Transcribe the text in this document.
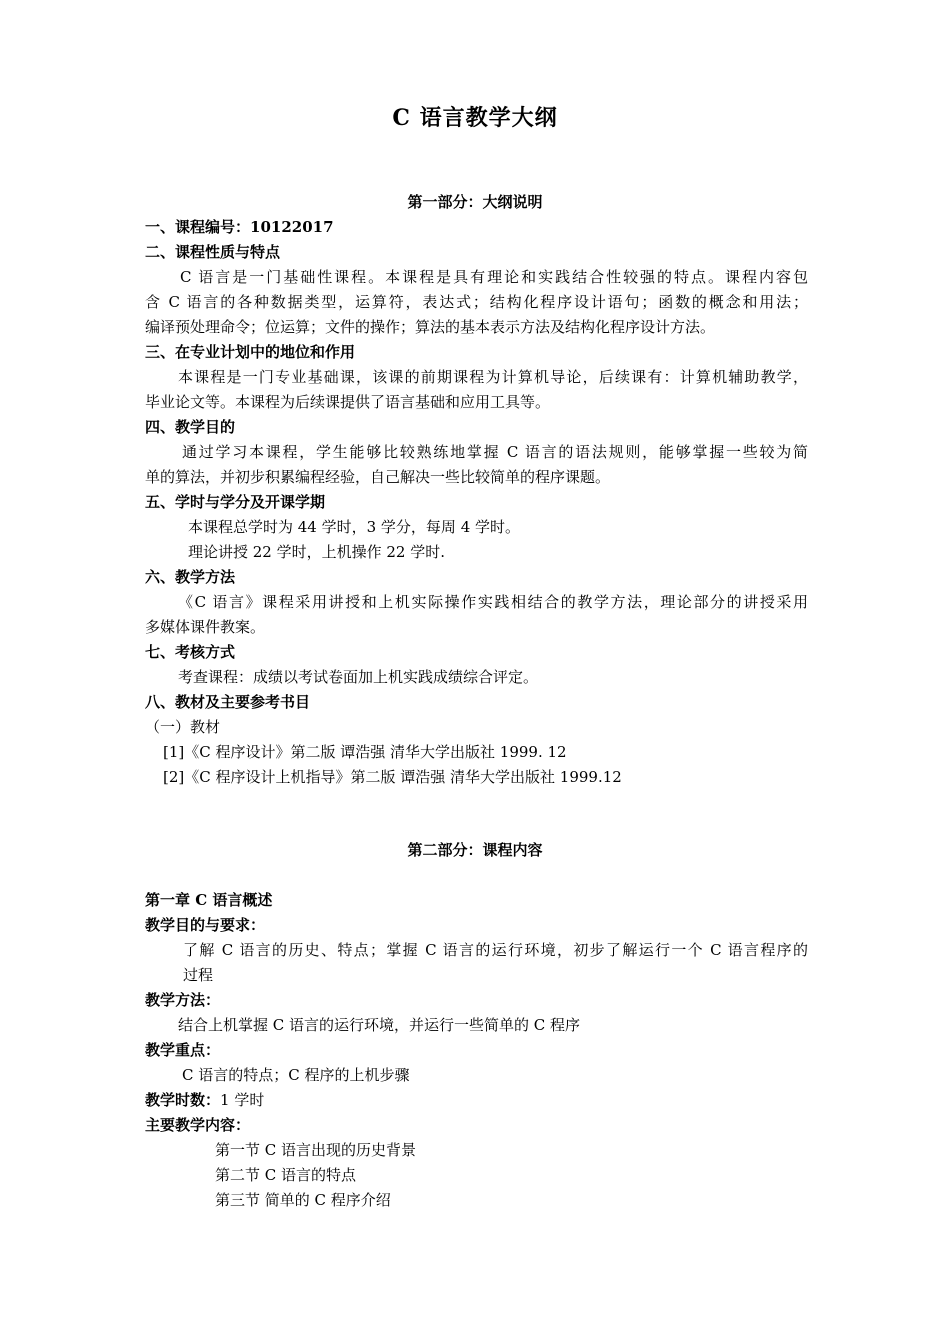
C 语言教学大纲
第一部分：大纲说明
一、课程编号：10122017
二、课程性质与特点
C 语言是一门基础性课程。本课程是具有理论和实践结合性较强的特点。课程内容包
含 C 语言的各种数据类型，运算符，表达式；结构化程序设计语句；函数的概念和用法；
编译预处理命令；位运算；文件的操作；算法的基本表示方法及结构化程序设计方法。
三、在专业计划中的地位和作用
本课程是一门专业基础课，该课的前期课程为计算机导论，后续课有：计算机辅助教学，
毕业论文等。本课程为后续课提供了语言基础和应用工具等。
四、教学目的
通过学习本课程，学生能够比较熟练地掌握 C 语言的语法规则，能够掌握一些较为简
单的算法，并初步积累编程经验，自己解决一些比较简单的程序课题。
五、学时与学分及开课学期
本课程总学时为 44 学时，3 学分，每周 4 学时。
理论讲授 22 学时，上机操作 22 学时.
六、教学方法
《C 语言》课程采用讲授和上机实际操作实践相结合的教学方法，理论部分的讲授采用
多媒体课件教案。
七、考核方式
考查课程：成绩以考试卷面加上机实践成绩综合评定。
八、教材及主要参考书目
（一）教材
[1]《C 程序设计》第二版 谭浩强 清华大学出版社 1999. 12
[2]《C 程序设计上机指导》第二版 谭浩强 清华大学出版社 1999.12
第二部分：课程内容
第一章 C 语言概述
教学目的与要求：
了解 C 语言的历史、特点；掌握 C 语言的运行环境，初步了解运行一个 C 语言程序的
过程
教学方法：
结合上机掌握 C 语言的运行环境，并运行一些简单的 C 程序
教学重点：
C 语言的特点；C 程序的上机步骤
教学时数：1 学时
主要教学内容：
第一节 C 语言出现的历史背景
第二节 C 语言的特点
第三节 简单的 C 程序介绍
